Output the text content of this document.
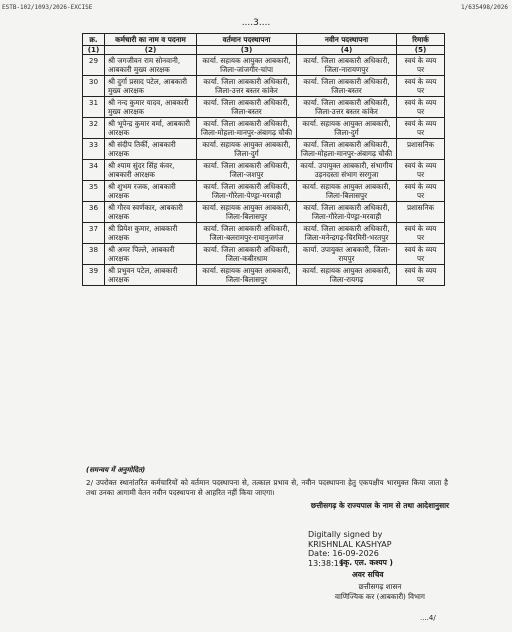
ESTB-102/1093/2026-EXCISE	1/635498/2026
....3....
क्र.	कर्मचारी का नाम व पदनाम	वर्तमान पदस्थापना	नवीन पदस्थापना	रिमार्क
(1)	(2)	(3)	(4)	(5)
29	श्री जगजीवन राम सोनवानी, आबकारी मुख्य आरक्षक	कार्या. सहायक आयुक्त आबकारी, जिला-जांजगीर-चांपा	कार्या. जिला आबकारी अधिकारी, जिला-नारायणपुर	स्वयं के व्यय पर
30	श्री दुर्गा प्रसाद पटेल, आबकारी मुख्य आरक्षक	कार्या. जिला आबकारी अधिकारी, जिला-उत्तर बस्तर कांकेर	कार्या. जिला आबकारी अधिकारी, जिला-बस्तर	स्वयं के व्यय पर
31	श्री नन्द कुमार यादव, आबकारी मुख्य आरक्षक	कार्या. जिला आबकारी अधिकारी, जिला-बस्तर	कार्या. जिला आबकारी अधिकारी, जिला-उत्तर बस्तर कांकेर	स्वयं के व्यय पर
32	श्री भूपेन्द्र कुमार वर्मा, आबकारी आरक्षक	कार्या. जिला आबकारी अधिकारी, जिला-मोहला-मानपुर-अंबागढ़ चौकी	कार्या. सहायक आयुक्त आबकारी, जिला-दुर्ग	स्वयं के व्यय पर
33	श्री संदीप तिर्की, आबकारी आरक्षक	कार्या. सहायक आयुक्त आबकारी, जिला-दुर्ग	कार्या. जिला आबकारी अधिकारी, जिला-मोहला-मानपुर-अंबागढ़ चौकी	प्रशासनिक
34	श्री श्याम सुंदर सिंह कंवर, आबकारी आरक्षक	कार्या. जिला आबकारी अधिकारी, जिला-जशपुर	कार्या. उपायुक्त आबकारी, संभागीय उड़नदस्ता संभाग सरगुजा	स्वयं के व्यय पर
35	श्री शुभम रजक, आबकारी आरक्षक	कार्या. जिला आबकारी अधिकारी, जिला-गौरेला-पेण्ड्रा-मरवाही	कार्या. सहायक आयुक्त आबकारी, जिला-बिलासपुर	स्वयं के व्यय पर
36	श्री गौरव स्वर्णकार, आबकारी आरक्षक	कार्या. सहायक आयुक्त आबकारी, जिला-बिलासपुर	कार्या. जिला आबकारी अधिकारी, जिला-गौरेला-पेण्ड्रा-मरवाही	प्रशासनिक
37	श्री प्रियेश कुमार, आबकारी आरक्षक	कार्या. जिला आबकारी अधिकारी, जिला-बलरामपुर-रामानुजगंज	कार्या. जिला आबकारी अधिकारी, जिला-मनेन्द्रगढ़-चिरमिरी-भरतपुर	स्वयं के व्यय पर
38	श्री अमर पिल्ले, आबकारी आरक्षक	कार्या. जिला आबकारी अधिकारी, जिला-कबीरधाम	कार्या. उपायुक्त आबकारी, जिला-रायपुर	स्वयं के व्यय पर
39	श्री प्रभुवन पटेल, आबकारी आरक्षक	कार्या. सहायक आयुक्त आबकारी, जिला-बिलासपुर	कार्या. सहायक आयुक्त आबकारी, जिला-रायगढ़	स्वयं के व्यय पर
(समन्वय में अनुमोदित)
2/ उपरोक्त स्थानांतरित कर्मचारियों को वर्तमान पदस्थापना से, तत्काल प्रभाव से, नवीन पदस्थापना हेतु एकपक्षीय भारमुक्त किया जाता है तथा उनका आगामी वेतन नवीन पदस्थापना से आहरित नहीं किया जाएगा।
छत्तीसगढ़ के राज्यपाल के नाम से तथा आदेशानुसार
Digitally signed by
KRISHNLAL KASHYAP
Date: 16-09-2026
13:38:19
(कृ. एल. कश्यप )
अवर सचिव
छत्तीसगढ़ शासन
वाणिज्यिक कर (आबकारी) विभाग
....4/
